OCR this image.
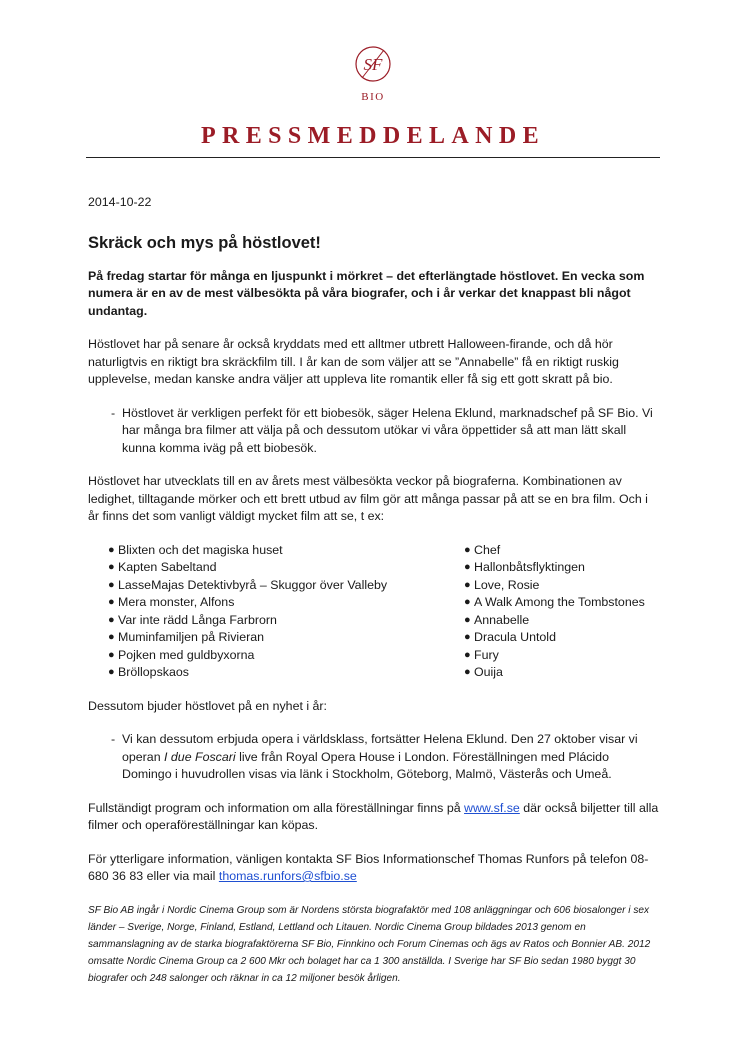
SF
BIO
PRESSMEDDELANDE

2014-10-22

Skräck och mys på höstlovet!

På fredag startar för många en ljuspunkt i mörkret – det efterlängtade höstlovet. En vecka som numera är en av de mest välbesökta på våra biografer, och i år verkar det knappast bli något undantag.

Höstlovet har på senare år också kryddats med ett alltmer utbrett Halloween-firande, och då hör naturligtvis en riktigt bra skräckfilm till. I år kan de som väljer att se ”Annabelle” få en riktigt ruskig upplevelse, medan kanske andra väljer att uppleva lite romantik eller få sig ett gott skratt på bio.

- Höstlovet är verkligen perfekt för ett biobesök, säger Helena Eklund, marknadschef på SF Bio. Vi har många bra filmer att välja på och dessutom utökar vi våra öppettider så att man lätt skall kunna komma iväg på ett biobesök.

Höstlovet har utvecklats till en av årets mest välbesökta veckor på biograferna. Kombinationen av ledighet, tilltagande mörker och ett brett utbud av film gör att många passar på att se en bra film. Och i år finns det som vanligt väldigt mycket film att se, t ex:

● Blixten och det magiska huset
● Kapten Sabeltand
● LasseMajas Detektivbyrå – Skuggor över Valleby
● Mera monster, Alfons
● Var inte rädd Långa Farbrorn
● Muminfamiljen på Rivieran
● Pojken med guldbyxorna
● Bröllopskaos
● Chef
● Hallonbåtsflyktingen
● Love, Rosie
● A Walk Among the Tombstones
● Annabelle
● Dracula Untold
● Fury
● Ouija

Dessutom bjuder höstlovet på en nyhet i år:

- Vi kan dessutom erbjuda opera i världsklass, fortsätter Helena Eklund. Den 27 oktober visar vi operan I due Foscari live från Royal Opera House i London. Föreställningen med Plácido Domingo i huvudrollen visas via länk i Stockholm, Göteborg, Malmö, Västerås och Umeå.

Fullständigt program och information om alla föreställningar finns på www.sf.se där också biljetter till alla filmer och operaföreställningar kan köpas.

För ytterligare information, vänligen kontakta SF Bios Informationschef Thomas Runfors på telefon 08-680 36 83 eller via mail thomas.runfors@sfbio.se

SF Bio AB ingår i Nordic Cinema Group som är Nordens största biografaktör med 108 anläggningar och 606 biosalonger i sex länder – Sverige, Norge, Finland, Estland, Lettland och Litauen. Nordic Cinema Group bildades 2013 genom en sammanslagning av de starka biografaktörerna SF Bio, Finnkino och Forum Cinemas och ägs av Ratos och Bonnier AB. 2012 omsatte Nordic Cinema Group ca 2 600 Mkr och bolaget har ca 1 300 anställda. I Sverige har SF Bio sedan 1980 byggt 30 biografer och 248 salonger och räknar in ca 12 miljoner besök årligen.
